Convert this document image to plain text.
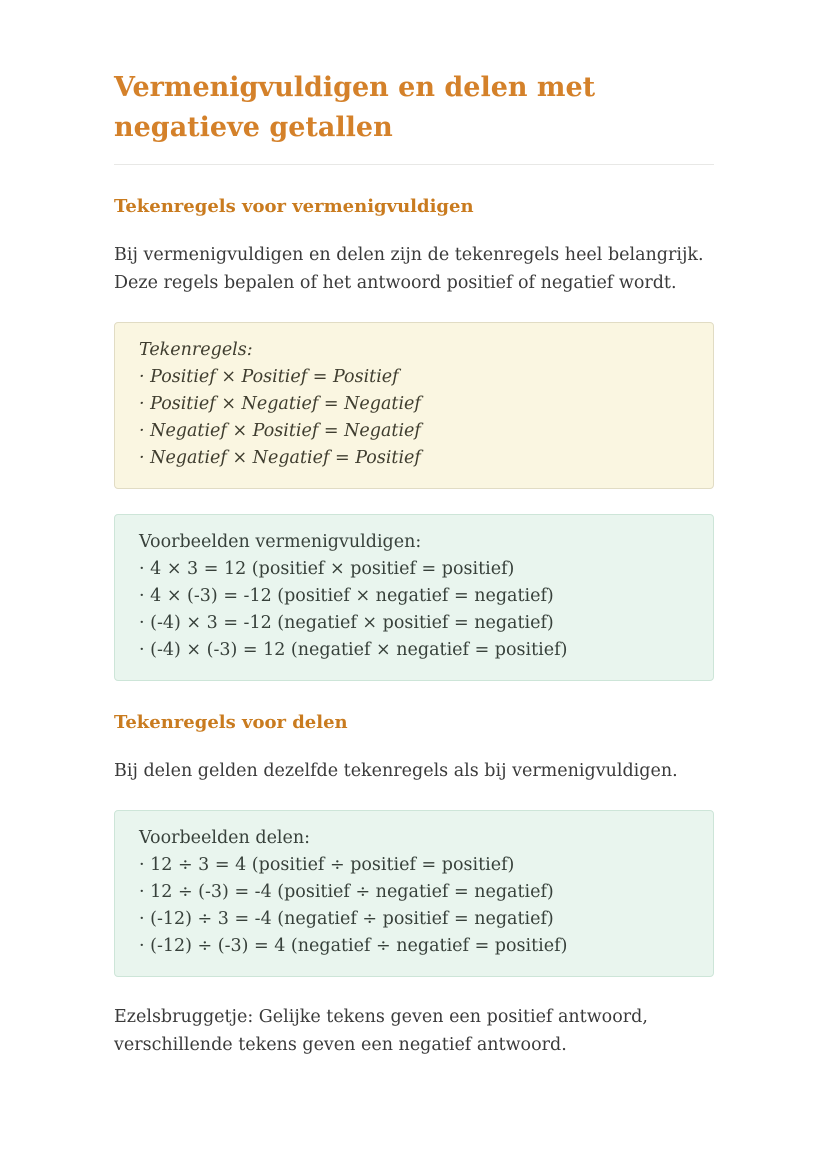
Vermenigvuldigen en delen met negatieve getallen
Tekenregels voor vermenigvuldigen

Bij vermenigvuldigen en delen zijn de tekenregels heel belangrijk. Deze regels bepalen of het antwoord positief of negatief wordt.

Tekenregels:
· Positief × Positief = Positief
· Positief × Negatief = Negatief
· Negatief × Positief = Negatief
· Negatief × Negatief = Positief
Voorbeelden vermenigvuldigen:
· 4 × 3 = 12 (positief × positief = positief)
· 4 × (-3) = -12 (positief × negatief = negatief)
· (-4) × 3 = -12 (negatief × positief = negatief)
· (-4) × (-3) = 12 (negatief × negatief = positief)
Tekenregels voor delen

Bij delen gelden dezelfde tekenregels als bij vermenigvuldigen.

Voorbeelden delen:
· 12 ÷ 3 = 4 (positief ÷ positief = positief)
· 12 ÷ (-3) = -4 (positief ÷ negatief = negatief)
· (-12) ÷ 3 = -4 (negatief ÷ positief = negatief)
· (-12) ÷ (-3) = 4 (negatief ÷ negatief = positief)

Ezelsbruggetje: Gelijke tekens geven een positief antwoord, verschillende tekens geven een negatief antwoord.
